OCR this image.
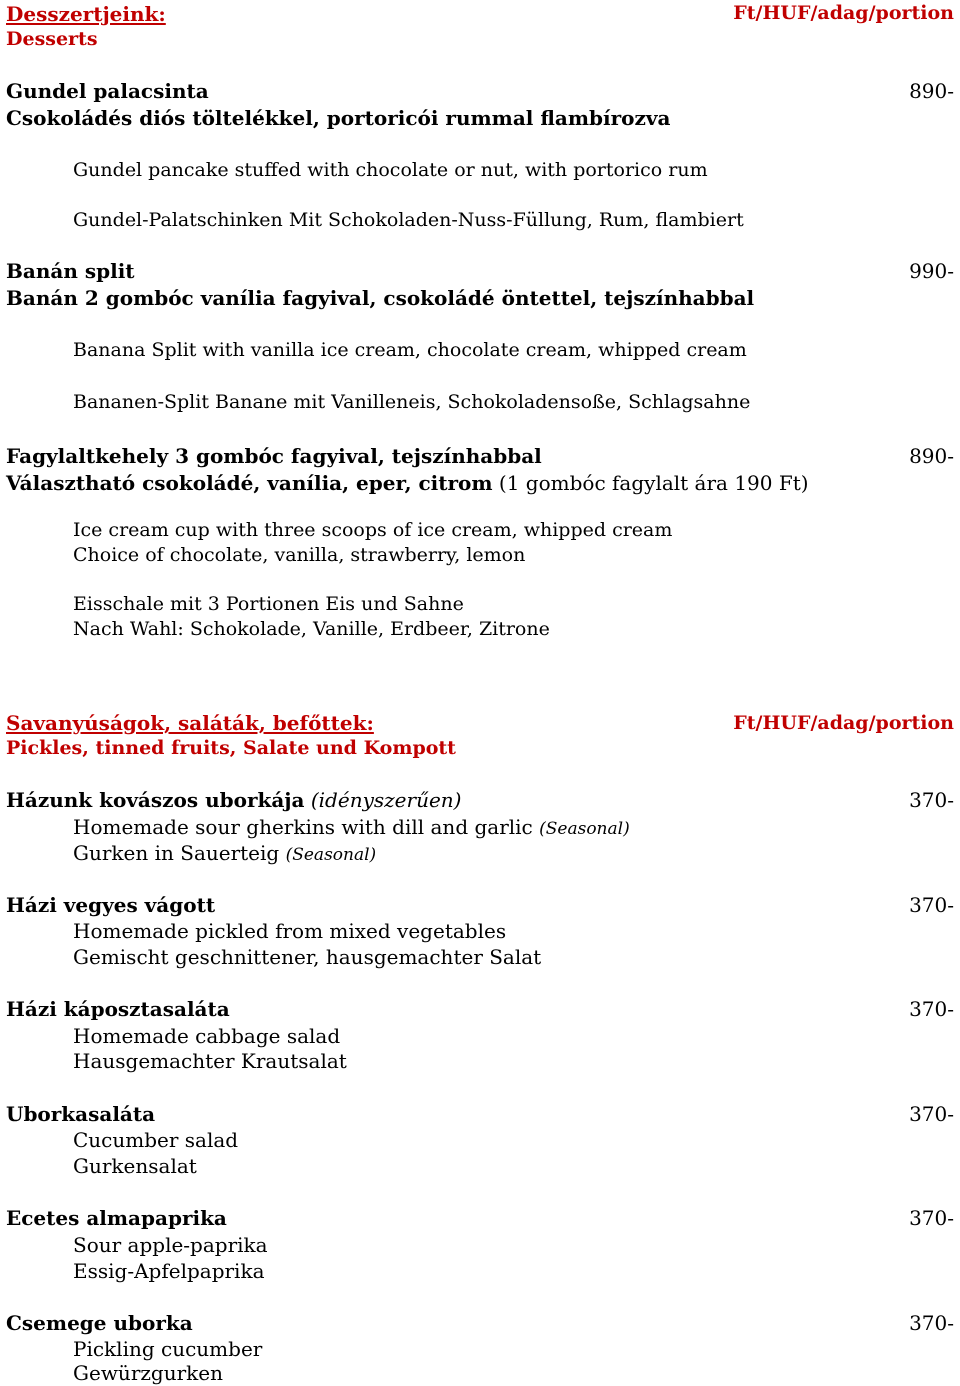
Desszertjeink:
Desserts
Ft/HUF/adag/portion
Gundel palacsinta	890-
Csokoládés diós töltelékkel, portoricói rummal flambírozva
Gundel pancake stuffed with chocolate or nut, with portorico rum
Gundel-Palatschinken Mit Schokoladen-Nuss-Füllung, Rum, flambiert
Banán split	990-
Banán 2 gombóc vanília fagyival, csokoládé öntettel, tejszínhabbal
Banana Split with vanilla ice cream, chocolate cream, whipped cream
Bananen-Split Banane mit Vanilleneis, Schokoladensoße, Schlagsahne
Fagylaltkehely 3 gombóc fagyival, tejszínhabbal	890-
Választható csokoládé, vanília, eper, citrom (1 gombóc fagylalt ára 190 Ft)
Ice cream cup with three scoops of ice cream, whipped cream
Choice of chocolate, vanilla, strawberry, lemon
Eisschale mit 3 Portionen Eis und Sahne
Nach Wahl: Schokolade, Vanille, Erdbeer, Zitrone
Savanyúságok, saláták, befőttek:
Pickles, tinned fruits, Salate und Kompott
Ft/HUF/adag/portion
Házunk kovászos uborkája (idényszerűen)	370-
Homemade sour gherkins with dill and garlic (Seasonal)
Gurken in Sauerteig (Seasonal)
Házi vegyes vágott	370-
Homemade pickled from mixed vegetables
Gemischt geschnittener, hausgemachter Salat
Házi káposztasaláta	370-
Homemade cabbage salad
Hausgemachter Krautsalat
Uborkasaláta	370-
Cucumber salad
Gurkensalat
Ecetes almapaprika	370-
Sour apple-paprika
Essig-Apfelpaprika
Csemege uborka	370-
Pickling cucumber
Gewürzgurken
